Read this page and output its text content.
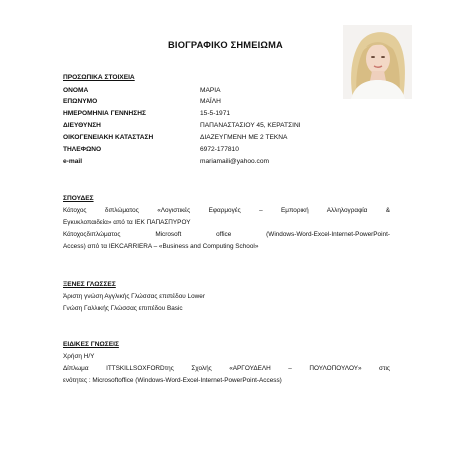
ΒΙΟΓΡΑΦΙΚΟ ΣΗΜΕΙΩΜΑ
ΠΡΟΣΩΠΙΚΑ ΣΤΟΙΧΕΙΑ
ΟΝΟΜΑ	ΜΑΡΙΑ
ΕΠΩΝΥΜΟ	ΜΑΪΛΗ
ΗΜΕΡΟΜΗΝΙΑ ΓΕΝΝΗΣΗΣ	15-5-1971
ΔΙΕΥΘΥΝΣΗ	ΠΑΠΑΝΑΣΤΑΣΙΟΥ 45, ΚΕΡΑΤΣΙΝΙ
ΟΙΚΟΓΕΝΕΙΑΚΗ ΚΑΤΑΣΤΑΣΗ	ΔΙΑΖΕΥΓΜΕΝΗ ΜΕ 2 ΤΕΚΝΑ
ΤΗΛΕΦΩΝΟ	6972-177810
e-mail	mariamaili@yahoo.com
ΣΠΟΥΔΕΣ
Κάτοχος διπλώματος «Λογιστικές Εφαρμογές – Εμπορική Αλληλογραφία &
Εγκυκλοπαιδεία» από τα ΙΕΚ ΠΑΠΑΣΠΥΡΟΥ
Κάτοχοςδιπλώματος Microsoft office (Windows-Word-Excel-Internet-PowerPoint-
Access) από τα ΙΕΚCARRIERA – «Business and Computing School»
ΞΕΝΕΣ ΓΛΩΣΣΕΣ
Άριστη γνώση Αγγλικής Γλώσσας επιπέδου Lower
Γνώση Γαλλικής Γλώσσας επιπέδου Basic
ΕΙΔΙΚΕΣ ΓΝΩΣΕΙΣ
Χρήση Η/Υ
Δίπλωμα ITTSKILLSOXFORDτης Σχολής «ΑΡΓΟΥΔΕΛΗ – ΠΟΥΛΟΠΟΥΛΟΥ» στις
ενότητες : Microsoftoffice (Windows-Word-Excel-Internet-PowerPoint-Access)
